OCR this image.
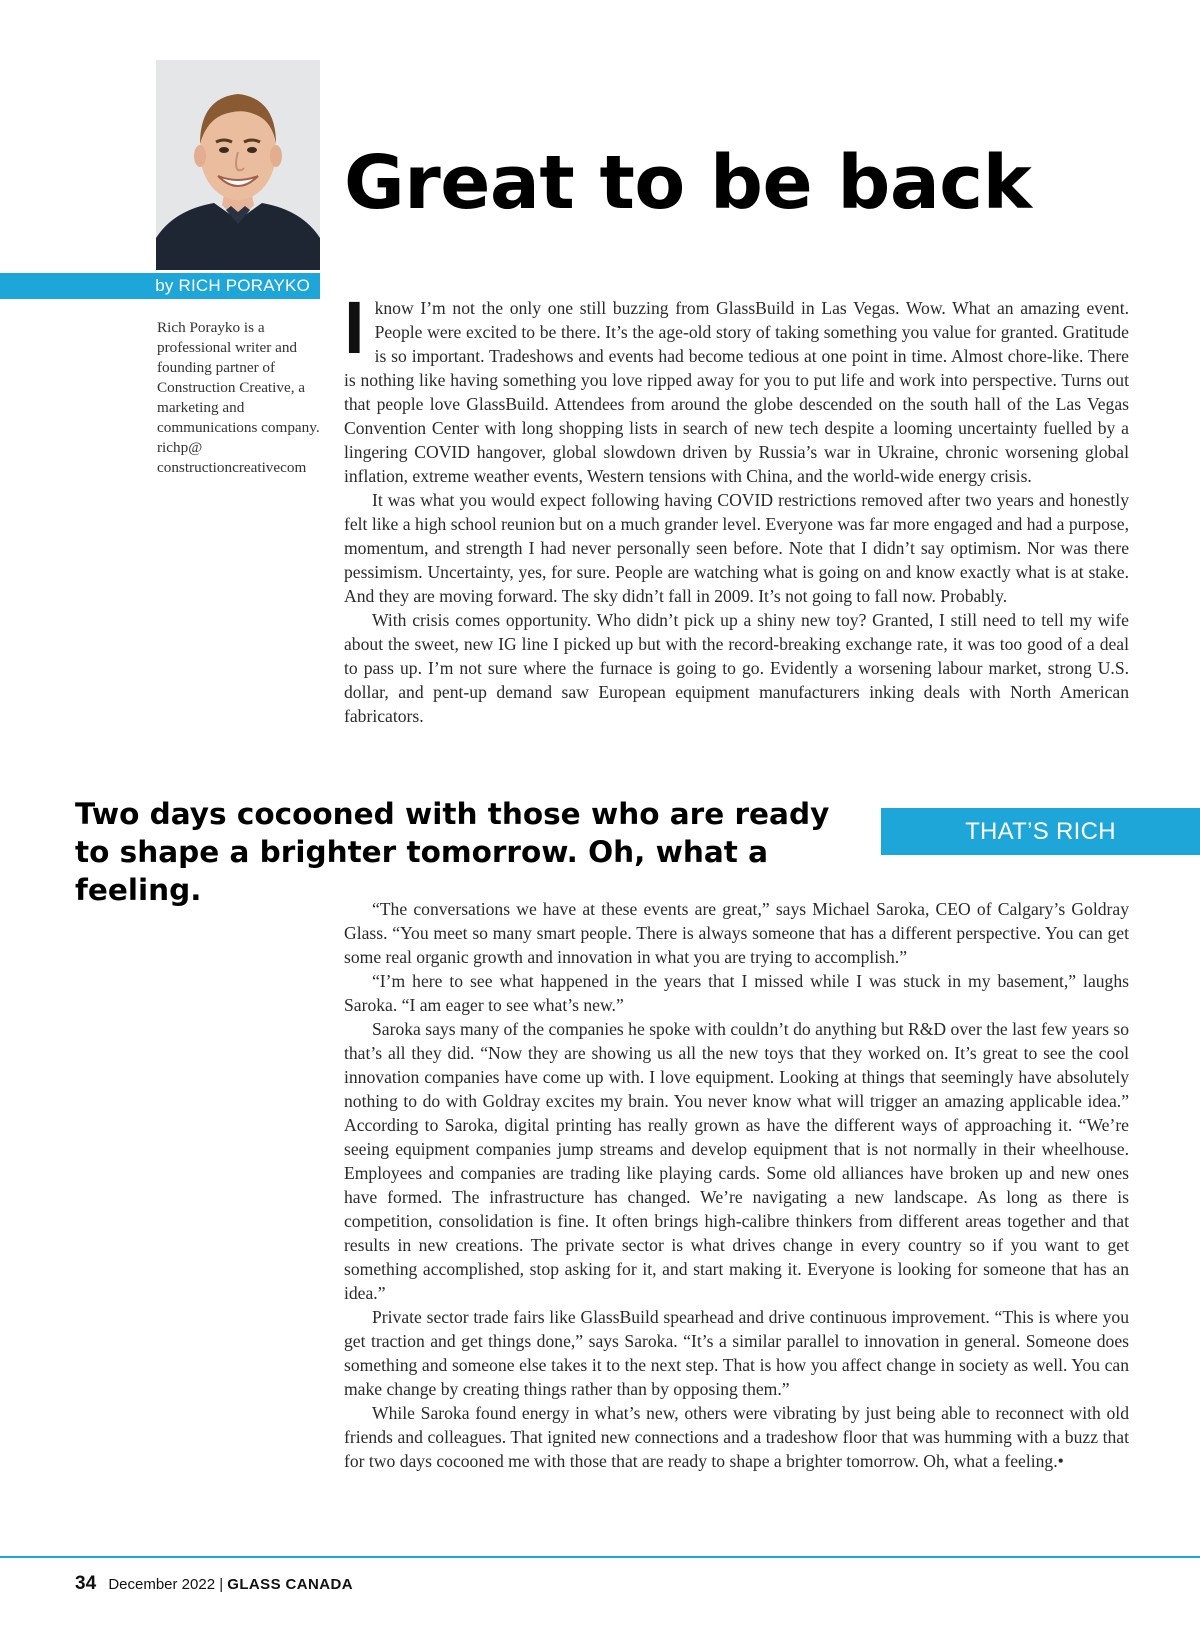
by RICH PORAYKO
Rich Porayko is a professional writer and founding partner of Construction Creative, a marketing and communications company. richp@ constructioncreativecom
Great to be back

Iknow I’m not the only one still buzzing from GlassBuild in Las Vegas. Wow. What an amazing event. People were excited to be there. It’s the age-old story of taking something you value for granted. Gratitude is so important. Tradeshows and events had become tedious at one point in time. Almost chore-like. There is nothing like having something you love ripped away for you to put life and work into perspective. Turns out that people love GlassBuild. Attendees from around the globe descended on the south hall of the Las Vegas Convention Center with long shopping lists in search of new tech despite a looming uncertainty fuelled by a lingering COVID hangover, global slowdown driven by Russia’s war in Ukraine, chronic worsening global inflation, extreme weather events, Western tensions with China, and the world-wide energy crisis.

It was what you would expect following having COVID restrictions removed after two years and honestly felt like a high school reunion but on a much grander level. Everyone was far more engaged and had a purpose, momentum, and strength I had never personally seen before. Note that I didn’t say optimism. Nor was there pessimism. Uncertainty, yes, for sure. People are watching what is going on and know exactly what is at stake. And they are moving forward. The sky didn’t fall in 2009. It’s not going to fall now. Probably.

With crisis comes opportunity. Who didn’t pick up a shiny new toy? Granted, I still need to tell my wife about the sweet, new IG line I picked up but with the record-breaking exchange rate, it was too good of a deal to pass up. I’m not sure where the furnace is going to go. Evidently a worsening labour market, strong U.S. dollar, and pent-up demand saw European equipment manufacturers inking deals with North American fabricators.

Two days cocooned with those who are ready to shape a brighter tomorrow. Oh, what a feeling.

THAT’S RICH

“The conversations we have at these events are great,” says Michael Saroka, CEO of Calgary’s Goldray Glass. “You meet so many smart people. There is always someone that has a different perspective. You can get some real organic growth and innovation in what you are trying to accomplish.”

“I’m here to see what happened in the years that I missed while I was stuck in my basement,” laughs Saroka. “I am eager to see what’s new.”

Saroka says many of the companies he spoke with couldn’t do anything but R&D over the last few years so that’s all they did. “Now they are showing us all the new toys that they worked on. It’s great to see the cool innovation companies have come up with. I love equipment. Looking at things that seemingly have absolutely nothing to do with Goldray excites my brain. You never know what will trigger an amazing applicable idea.” According to Saroka, digital printing has really grown as have the different ways of approaching it. “We’re seeing equipment companies jump streams and develop equipment that is not normally in their wheelhouse. Employees and companies are trading like playing cards. Some old alliances have broken up and new ones have formed. The infrastructure has changed. We’re navigating a new landscape. As long as there is competition, consolidation is fine. It often brings high-calibre thinkers from different areas together and that results in new creations. The private sector is what drives change in every country so if you want to get something accomplished, stop asking for it, and start making it. Everyone is looking for someone that has an idea.”

Private sector trade fairs like GlassBuild spearhead and drive continuous improvement. “This is where you get traction and get things done,” says Saroka. “It’s a similar parallel to innovation in general. Someone does something and someone else takes it to the next step. That is how you affect change in society as well. You can make change by creating things rather than by opposing them.”

While Saroka found energy in what’s new, others were vibrating by just being able to reconnect with old friends and colleagues. That ignited new connections and a tradeshow floor that was humming with a buzz that for two days cocooned me with those that are ready to shape a brighter tomorrow. Oh, what a feeling.•

34 December 2022 | GLASS CANADA
